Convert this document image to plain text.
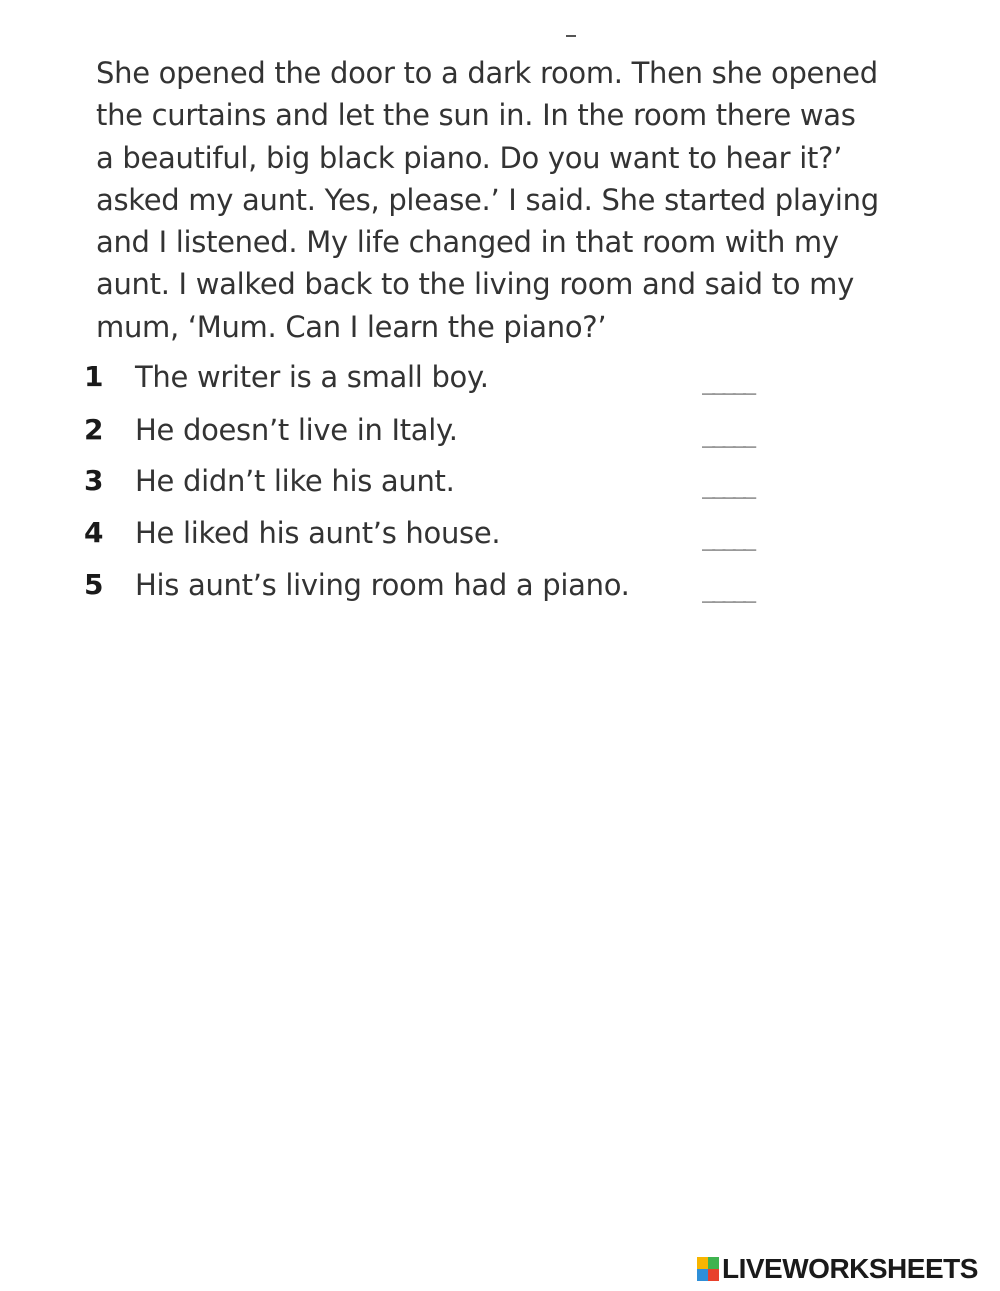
She opened the door to a dark room. Then she opened
the curtains and let the sun in. In the room there was
a beautiful, big black piano. Do you want to hear it?’
asked my aunt. Yes, please.’ I said. She started playing
and I listened. My life changed in that room with my
aunt. I walked back to the living room and said to my
mum, ‘Mum. Can I learn the piano?’
1 The writer is a small boy.	_____
2 He doesn’t live in Italy.	_____
3 He didn’t like his aunt.	_____
4 He liked his aunt’s house.	_____
5 His aunt’s living room had a piano.	_____
LIVEWORKSHEETS
